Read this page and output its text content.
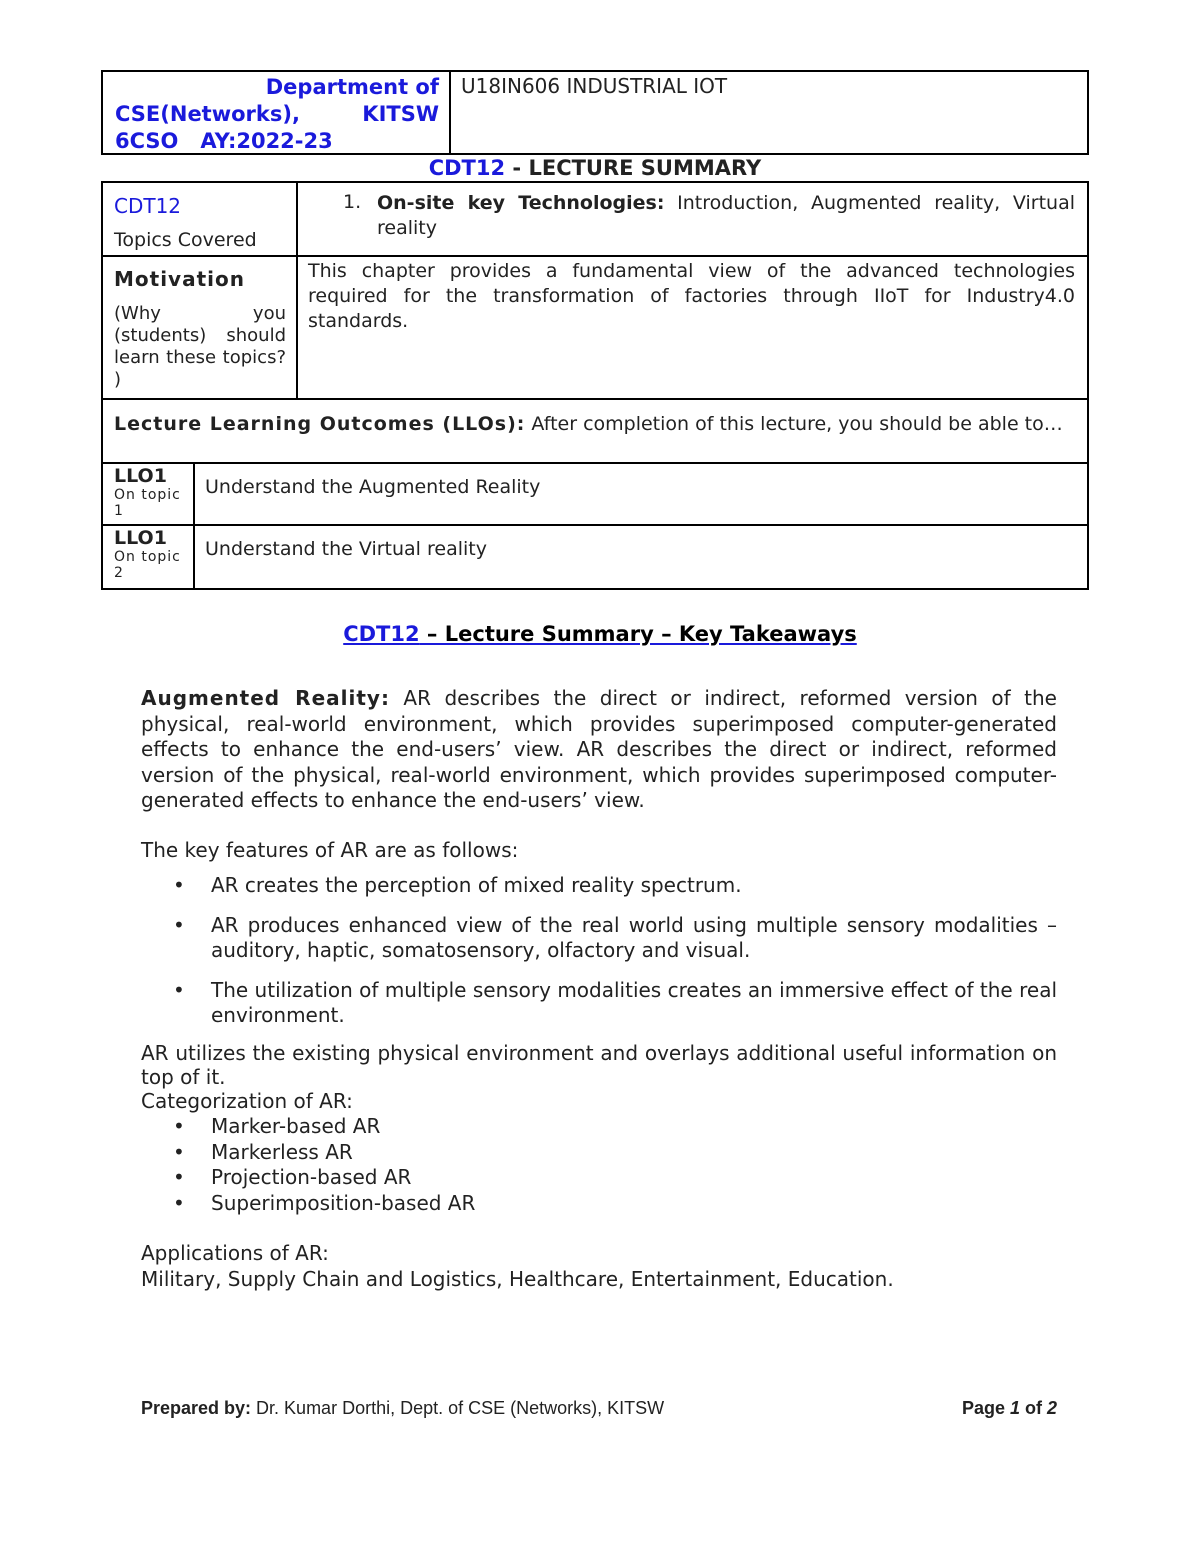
Department of
CSE(Networks),	KITSW
6CSO AY:2022-23
U18IN606 INDUSTRIAL IOT
CDT12 - LECTURE SUMMARY
CDT12
Topics Covered
1. On-site key Technologies: Introduction, Augmented reality, Virtual reality
Motivation
(Why you (students) should learn these topics? )
This chapter provides a fundamental view of the advanced technologies required for the transformation of factories through IIoT for Industry4.0 standards.
Lecture Learning Outcomes (LLOs): After completion of this lecture, you should be able to…
LLO1
On topic 1
Understand the Augmented Reality
LLO1
On topic 2
Understand the Virtual reality
CDT12 – Lecture Summary – Key Takeaways

Augmented Reality: AR describes the direct or indirect, reformed version of the physical, real-world environment, which provides superimposed computer-generated effects to enhance the end-users’ view. AR describes the direct or indirect, reformed version of the physical, real-world environment, which provides superimposed computer-generated effects to enhance the end-users’ view.

The key features of AR are as follows:

• AR creates the perception of mixed reality spectrum.
• AR produces enhanced view of the real world using multiple sensory modalities – auditory, haptic, somatosensory, olfactory and visual.
• The utilization of multiple sensory modalities creates an immersive effect of the real environment.

AR utilizes the existing physical environment and overlays additional useful information on top of it.

Categorization of AR:

• Marker-based AR
• Markerless AR
• Projection-based AR
• Superimposition-based AR

Applications of AR:

Military, Supply Chain and Logistics, Healthcare, Entertainment, Education.

Prepared by: Dr. Kumar Dorthi, Dept. of CSE (Networks), KITSW	Page 1 of 2
